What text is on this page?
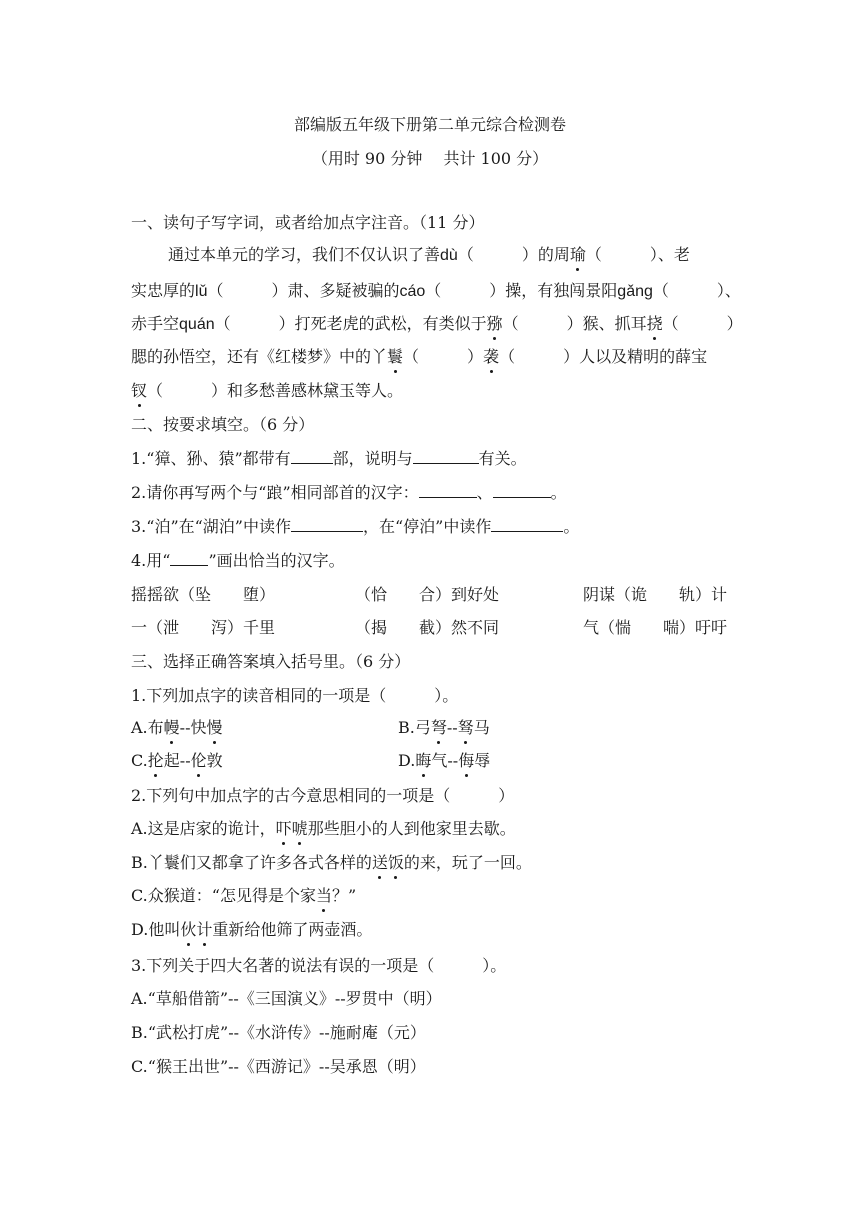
部编版五年级下册第二单元综合检测卷
（用时 90 分钟　 共计 100 分）
一、读句子写字词，或者给加点字注音。（11 分）
通过本单元的学习，我们不仅认识了善dù（　　　）的周瑜（　　　）、老
实忠厚的lǔ（　　　）肃、多疑被骗的cáo（　　　）操，有独闯景阳gǎng（　　　）、
赤手空quán（　　　）打死老虎的武松，有类似于猕（　　　）猴、抓耳挠（　　　）
腮的孙悟空，还有《红楼梦》中的丫鬟（　　　）袭（　　　）人以及精明的薛宝
钗（　　　）和多愁善感林黛玉等人。
二、按要求填空。（6 分）
1.“獐、狲、猿”都带有	部，说明与	有关。
2.请你再写两个与“踉”相同部首的汉字：	、	。
3.“泊”在“湖泊”中读作	，在“停泊”中读作	。
4.用“ ”画出恰当的汉字。
摇摇欲（坠　　堕）	（恰　　合）到好处	阴谋（诡　　轨）计
一（泄　　泻）千里	（揭　　截）然不同	气（惴　　喘）吁吁
三、选择正确答案填入括号里。（6 分）
1.下列加点字的读音相同的一项是（　　　）。
A.布幔--快慢	B.弓弩--驽马
C.抡起--伦敦	D.晦气--侮辱
2.下列句中加点字的古今意思相同的一项是（　　　）
A.这是店家的诡计，吓唬那些胆小的人到他家里去歇。
B.丫鬟们又都拿了许多各式各样的送饭的来，玩了一回。
C.众猴道：“怎见得是个家当？”
D.他叫伙计重新给他筛了两壶酒。
3.下列关于四大名著的说法有误的一项是（　　　）。
A.“草船借箭”--《三国演义》--罗贯中（明）
B.“武松打虎”--《水浒传》--施耐庵（元）
C.“猴王出世”--《西游记》--吴承恩（明）
